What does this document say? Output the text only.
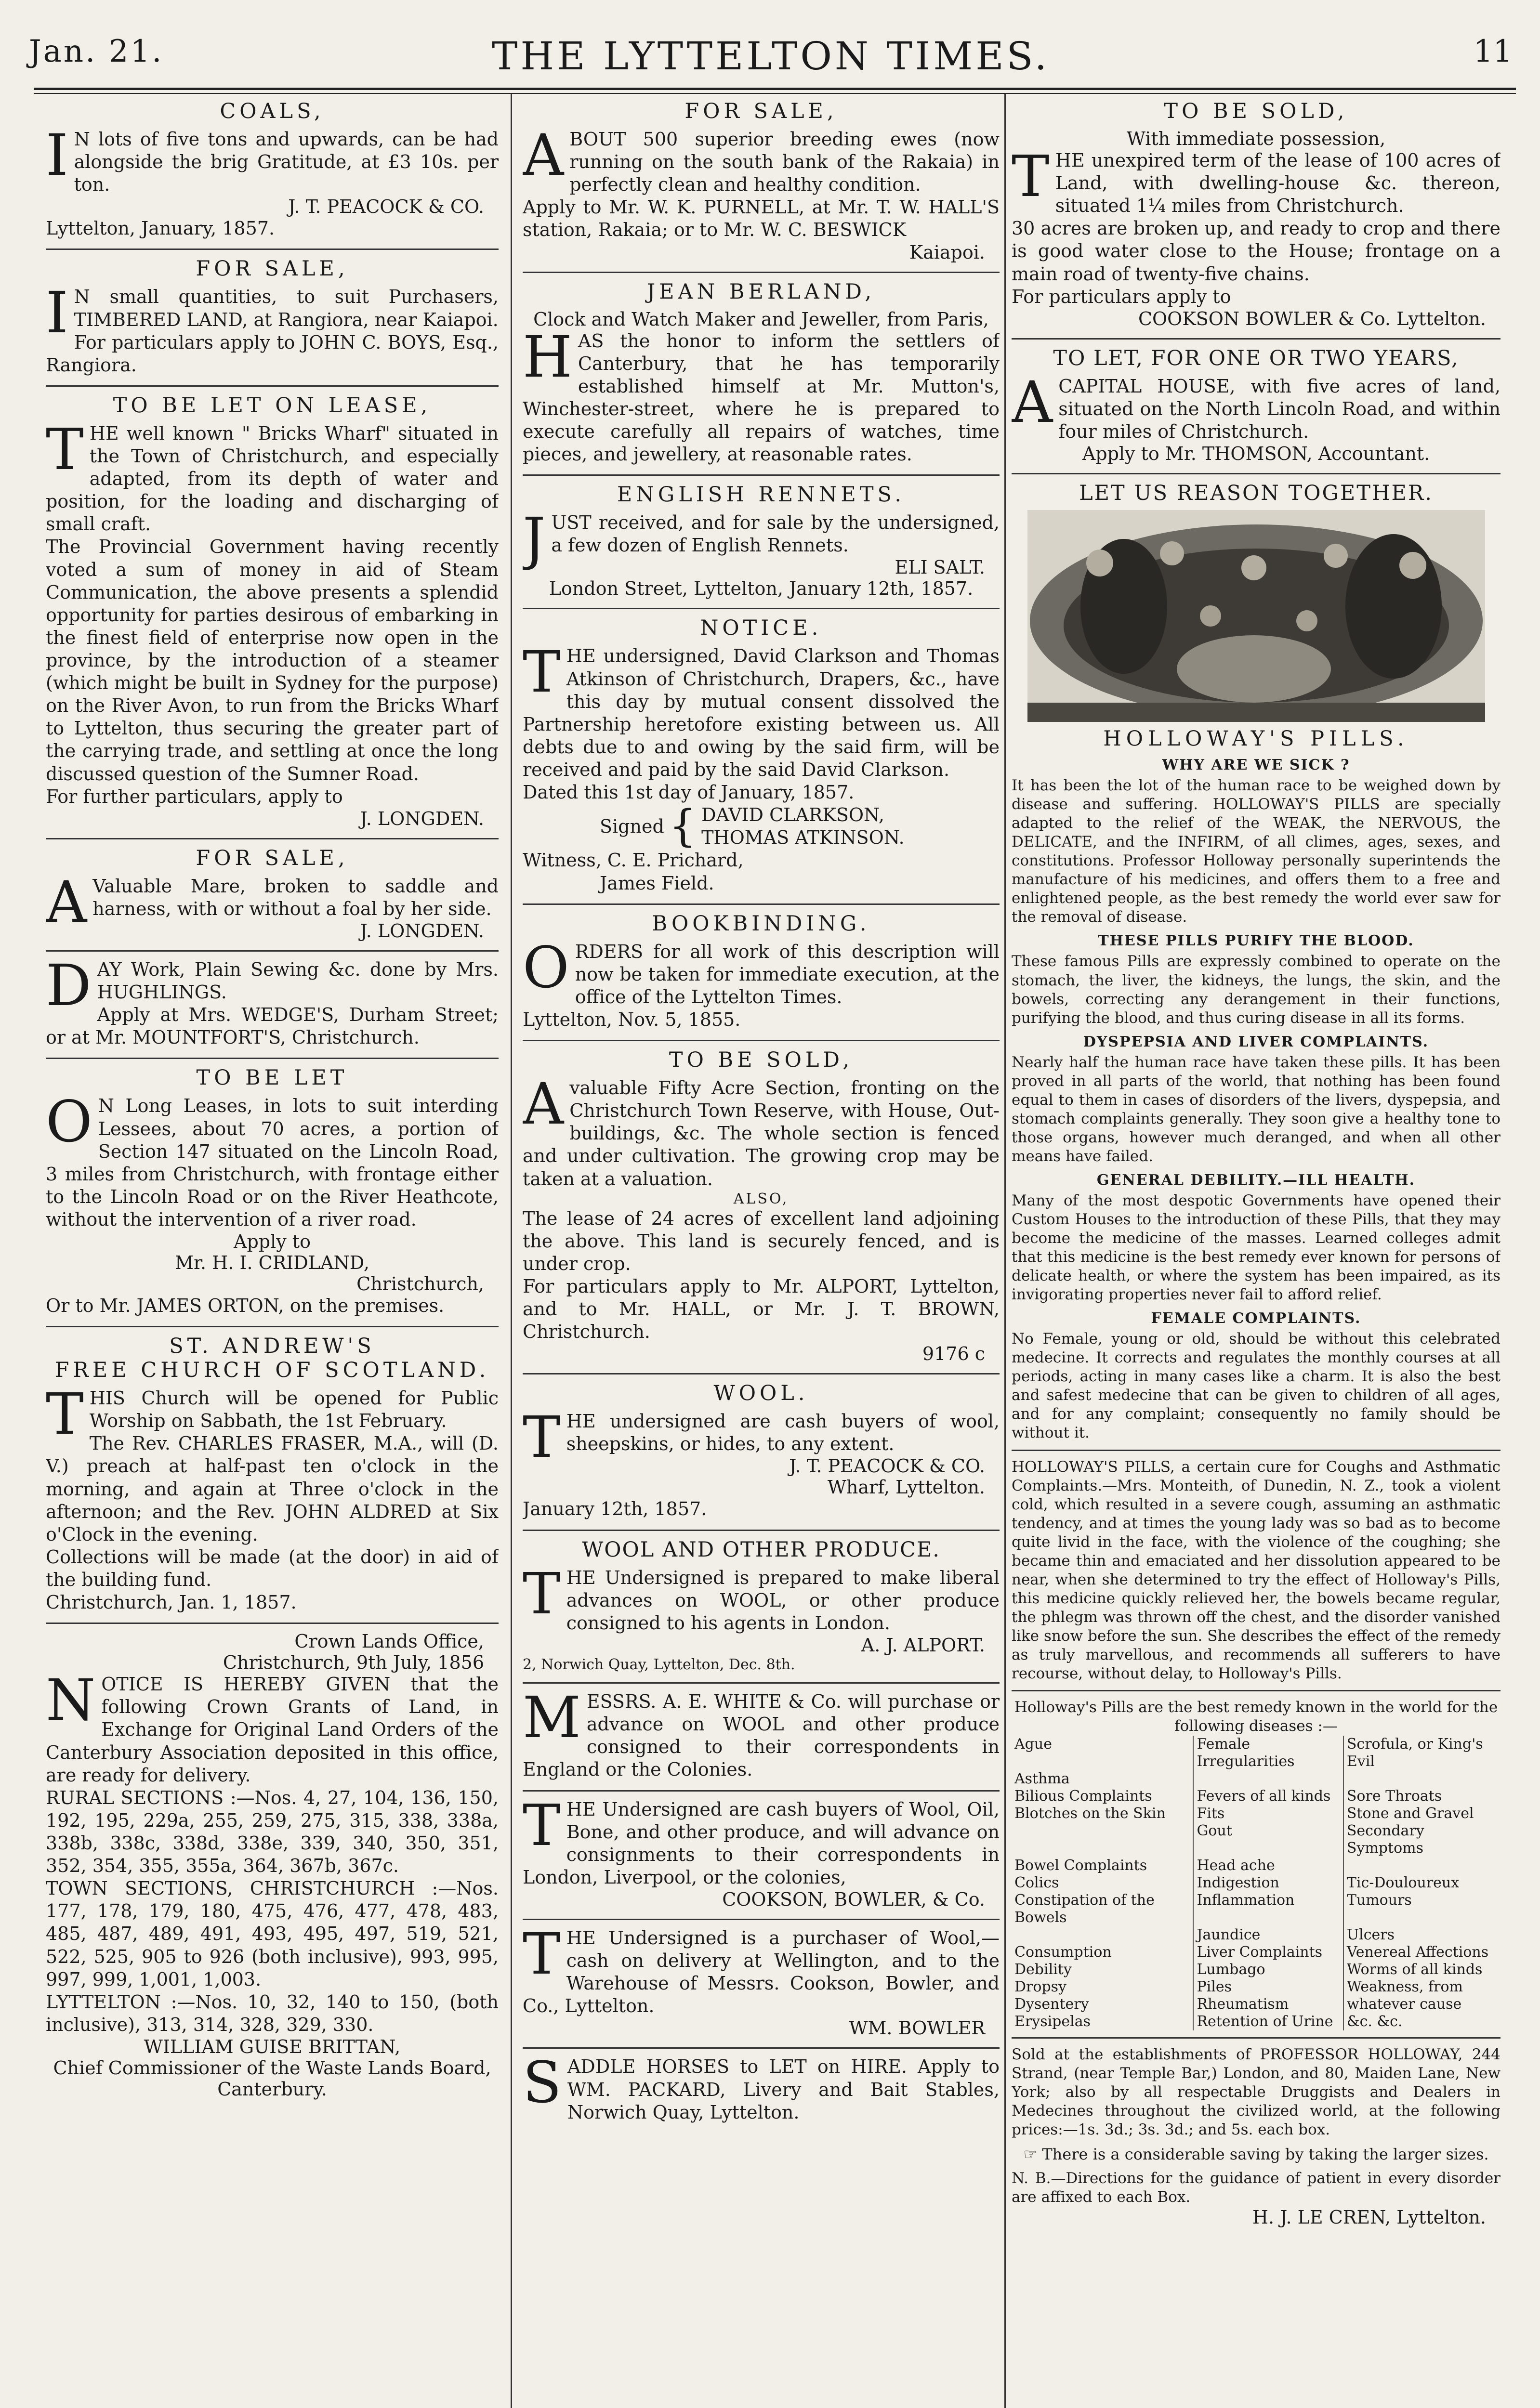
Jan. 21.	THE LYTTELTON TIMES.	11
COALS,
I N lots of five tons and upwards, can be had alongside the brig Gratitude, at £3 10s. per ton.
J. T. PEACOCK & CO.
Lyttelton, January, 1857.
FOR SALE,
I N small quantities, to suit Purchasers, TIMBERED LAND, at Rangiora, near Kaiapoi.
For particulars apply to JOHN C. BOYS, Esq., Rangiora.
TO BE LET ON LEASE,
THE well known " Bricks Wharf" situated in the Town of Christchurch, and especially adapted, from its depth of water and position, for the loading and discharging of small craft.
The Provincial Government having recently voted a sum of money in aid of Steam Communication, the above presents a splendid opportunity for parties desirous of embarking in the finest field of enterprise now open in the province, by the introduction of a steamer (which might be built in Sydney for the purpose) on the River Avon, to run from the Bricks Wharf to Lyttelton, thus securing the greater part of the carrying trade, and settling at once the long discussed question of the Sumner Road.
For further particulars, apply to
J. LONGDEN.
FOR SALE,
A Valuable Mare, broken to saddle and harness, with or without a foal by her side.
J. LONGDEN.
DAY Work, Plain Sewing &c. done by Mrs. HUGHLINGS.
Apply at Mrs. WEDGE'S, Durham Street; or at Mr. MOUNTFORT'S, Christchurch.
TO BE LET
O N Long Leases, in lots to suit interding Lessees, about 70 acres, a portion of Section 147 situated on the Lincoln Road, 3 miles from Christchurch, with frontage either to the Lincoln Road or on the River Heathcote, without the intervention of a river road.
Apply to
Mr. H. I. CRIDLAND,
Christchurch,
Or to Mr. JAMES ORTON, on the premises.
ST. ANDREW'S
FREE CHURCH OF SCOTLAND.
THIS Church will be opened for Public Worship on Sabbath, the 1st February.
The Rev. CHARLES FRASER, M.A., will (D. V.) preach at half-past ten o'clock in the morning, and again at Three o'clock in the afternoon; and the Rev. JOHN ALDRED at Six o'Clock in the evening.
Collections will be made (at the door) in aid of the building fund.
Christchurch, Jan. 1, 1857.
Crown Lands Office,
Christchurch, 9th July, 1856
NOTICE IS HEREBY GIVEN that the following Crown Grants of Land, in Exchange for Original Land Orders of the Canterbury Association deposited in this office, are ready for delivery.
RURAL SECTIONS :—Nos. 4, 27, 104, 136, 150, 192, 195, 229a, 255, 259, 275, 315, 338, 338a, 338b, 338c, 338d, 338e, 339, 340, 350, 351, 352, 354, 355, 355a, 364, 367b, 367c.
TOWN SECTIONS, CHRISTCHURCH :—Nos. 177, 178, 179, 180, 475, 476, 477, 478, 483, 485, 487, 489, 491, 493, 495, 497, 519, 521, 522, 525, 905 to 926 (both inclusive), 993, 995, 997, 999, 1,001, 1,003.
LYTTELTON :—Nos. 10, 32, 140 to 150, (both inclusive), 313, 314, 328, 329, 330.
WILLIAM GUISE BRITTAN,
Chief Commissioner of the Waste Lands Board, Canterbury.
FOR SALE,
ABOUT 500 superior breeding ewes (now running on the south bank of the Rakaia) in perfectly clean and healthy condition.
Apply to Mr. W. K. PURNELL, at Mr. T. W. HALL'S station, Rakaia; or to Mr. W. C. BESWICK
Kaiapoi.
JEAN BERLAND,
Clock and Watch Maker and Jeweller, from Paris,
HAS the honor to inform the settlers of Canterbury, that he has temporarily established himself at Mr. Mutton's, Winchester-street, where he is prepared to execute carefully all repairs of watches, time pieces, and jewellery, at reasonable rates.
ENGLISH RENNETS.
JUST received, and for sale by the undersigned, a few dozen of English Rennets.
ELI SALT.
London Street, Lyttelton, January 12th, 1857.
NOTICE.
THE undersigned, David Clarkson and Thomas Atkinson of Christchurch, Drapers, &c., have this day by mutual consent dissolved the Partnership heretofore existing between us. All debts due to and owing by the said firm, will be received and paid by the said David Clarkson.
Dated this 1st day of January, 1857.
Signed { DAVID CLARKSON,
THOMAS ATKINSON.
Witness, C. E. Prichard,
James Field.
BOOKBINDING.
ORDERS for all work of this description will now be taken for immediate execution, at the office of the Lyttelton Times.
Lyttelton, Nov. 5, 1855.
TO BE SOLD,
Avaluable Fifty Acre Section, fronting on the Christchurch Town Reserve, with House, Out-buildings, &c. The whole section is fenced and under cultivation. The growing crop may be taken at a valuation.
ALSO,
The lease of 24 acres of excellent land adjoining the above. This land is securely fenced, and is under crop.
For particulars apply to Mr. ALPORT, Lyttelton, and to Mr. HALL, or Mr. J. T. BROWN, Christchurch.
9176 c
WOOL.
THE undersigned are cash buyers of wool, sheepskins, or hides, to any extent.
J. T. PEACOCK & CO.
Wharf, Lyttelton.
January 12th, 1857.
WOOL AND OTHER PRODUCE.
THE Undersigned is prepared to make liberal advances on WOOL, or other produce consigned to his agents in London.
A. J. ALPORT.
2, Norwich Quay, Lyttelton, Dec. 8th.
MESSRS. A. E. WHITE & Co. will purchase or advance on WOOL and other produce consigned to their correspondents in England or the Colonies.
THE Undersigned are cash buyers of Wool, Oil, Bone, and other produce, and will advance on consignments to their correspondents in London, Liverpool, or the colonies,
COOKSON, BOWLER, & Co.
THE Undersigned is a purchaser of Wool,—cash on delivery at Wellington, and to the Warehouse of Messrs. Cookson, Bowler, and Co., Lyttelton.
WM. BOWLER
SADDLE HORSES to LET on HIRE. Apply to WM. PACKARD, Livery and Bait Stables, Norwich Quay, Lyttelton.
TO BE SOLD,
With immediate possession,
THE unexpired term of the lease of 100 acres of Land, with dwelling-house &c. thereon, situated 1¼ miles from Christchurch.
30 acres are broken up, and ready to crop and there is good water close to the House; frontage on a main road of twenty-five chains.
For particulars apply to
COOKSON BOWLER & Co. Lyttelton.
TO LET, FOR ONE OR TWO YEARS,
ACAPITAL HOUSE, with five acres of land, situated on the North Lincoln Road, and within four miles of Christchurch.
Apply to Mr. THOMSON, Accountant.
LET US REASON TOGETHER.
HOLLOWAY'S PILLS.
WHY ARE WE SICK ?
It has been the lot of the human race to be weighed down by disease and suffering. HOLLOWAY'S PILLS are specially adapted to the relief of the WEAK, the NERVOUS, the DELICATE, and the INFIRM, of all climes, ages, sexes, and constitutions. Professor Holloway personally superintends the manufacture of his medicines, and offers them to a free and enlightened people, as the best remedy the world ever saw for the removal of disease.
THESE PILLS PURIFY THE BLOOD.
These famous Pills are expressly combined to operate on the stomach, the liver, the kidneys, the lungs, the skin, and the bowels, correcting any derangement in their functions, purifying the blood, and thus curing disease in all its forms.
DYSPEPSIA AND LIVER COMPLAINTS.
Nearly half the human race have taken these pills. It has been proved in all parts of the world, that nothing has been found equal to them in cases of disorders of the livers, dyspepsia, and stomach complaints generally. They soon give a healthy tone to those organs, however much deranged, and when all other means have failed.
GENERAL DEBILITY.—ILL HEALTH.
Many of the most despotic Governments have opened their Custom Houses to the introduction of these Pills, that they may become the medicine of the masses. Learned colleges admit that this medicine is the best remedy ever known for persons of delicate health, or where the system has been impaired, as its invigorating properties never fail to afford relief.
FEMALE COMPLAINTS.
No Female, young or old, should be without this celebrated medecine. It corrects and regulates the monthly courses at all periods, acting in many cases like a charm. It is also the best and safest medecine that can be given to children of all ages, and for any complaint; consequently no family should be without it.
HOLLOWAY'S PILLS, a certain cure for Coughs and Asthmatic Complaints.—Mrs. Monteith, of Dunedin, N. Z., took a violent cold, which resulted in a severe cough, assuming an asthmatic tendency, and at times the young lady was so bad as to become quite livid in the face, with the violence of the coughing; she became thin and emaciated and her dissolution appeared to be near, when she determined to try the effect of Holloway's Pills, this medicine quickly relieved her, the bowels became regular, the phlegm was thrown off the chest, and the disorder vanished like snow before the sun. She describes the effect of the remedy as truly marvellous, and recommends all sufferers to have recourse, without delay, to Holloway's Pills.
Holloway's Pills are the best remedy known in the world for the following diseases :—
Ague	Female Irregularities	Scrofula, or King's Evil
Asthma		
Bilious Complaints	Fevers of all kinds	Sore Throats
Blotches on the Skin	Fits	Stone and Gravel
	Gout	Secondary Symptoms
Bowel Complaints	Head ache	
Colics	Indigestion	Tic-Douloureux
Constipation of the Bowels	Inflammation	Tumours
	Jaundice	Ulcers
Consumption	Liver Complaints	Venereal Affections
Debility	Lumbago	Worms of all kinds
Dropsy	Piles	Weakness, from
Dysentery	Rheumatism	whatever cause
Erysipelas	Retention of Urine	&c. &c.
Sold at the establishments of PROFESSOR HOLLOWAY, 244 Strand, (near Temple Bar,) London, and 80, Maiden Lane, New York; also by all respectable Druggists and Dealers in Medecines throughout the civilized world, at the following prices:—1s. 3d.; 3s. 3d.; and 5s. each box.
☞ There is a considerable saving by taking the larger sizes.
N. B.—Directions for the guidance of patient in every disorder are affixed to each Box.
H. J. LE CREN, Lyttelton.
